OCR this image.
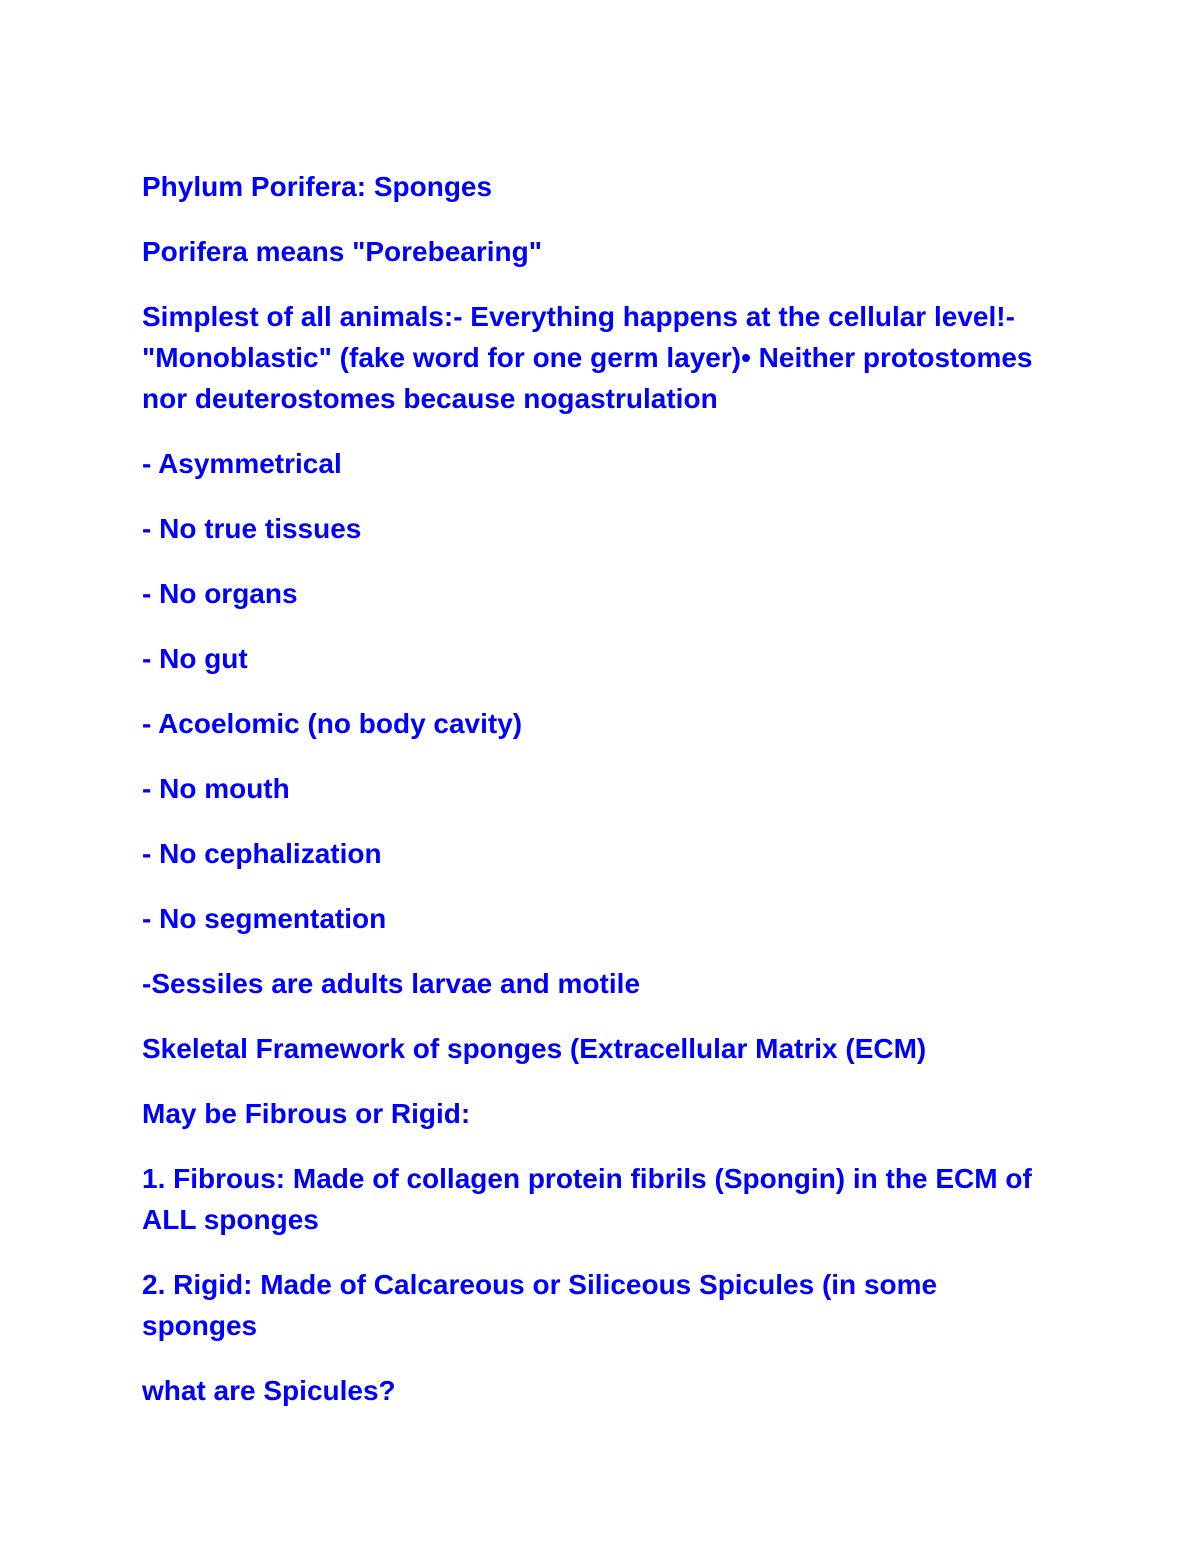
Phylum Porifera: Sponges

Porifera means "Porebearing"

Simplest of all animals:- Everything happens at the cellular level!- "Monoblastic" (fake word for one germ layer)• Neither protostomes nor deuterostomes because nogastrulation

- Asymmetrical

- No true tissues

- No organs

- No gut

- Acoelomic (no body cavity)

- No mouth

- No cephalization

- No segmentation

-Sessiles are adults larvae and motile

Skeletal Framework of sponges (Extracellular Matrix (ECM)

May be Fibrous or Rigid:

1. Fibrous: Made of collagen protein fibrils (Spongin) in the ECM of ALL sponges

2. Rigid: Made of Calcareous or Siliceous Spicules (in some sponges

what are Spicules?
